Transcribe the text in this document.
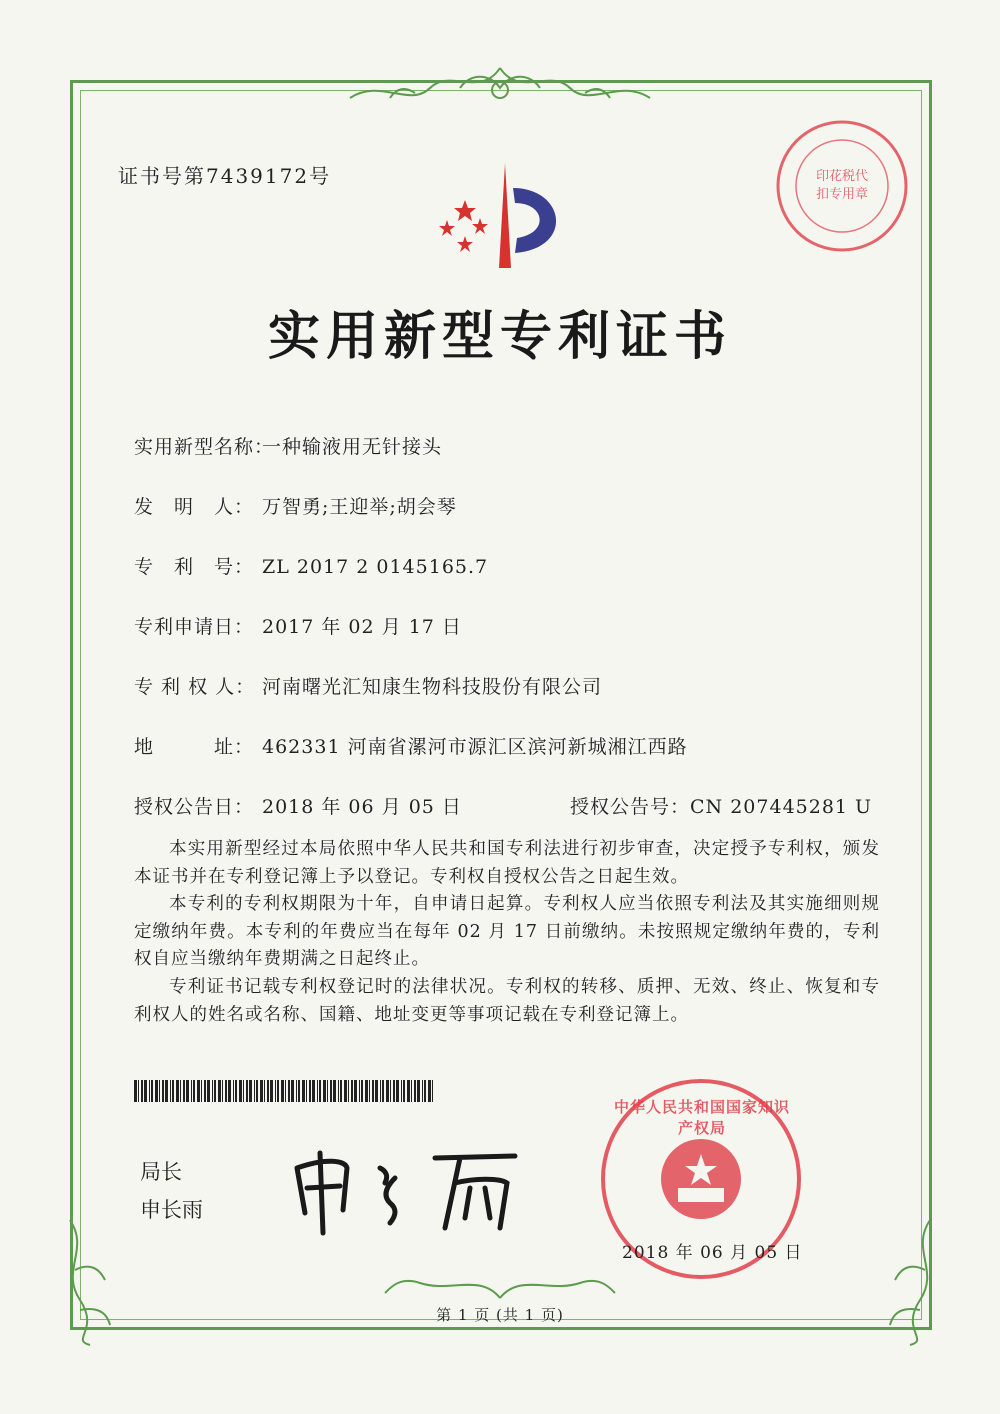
证书号第7439172号	印花税代扣专用章
实用新型专利证书
实用新型名称：一种输液用无针接头
发　明　人： 万智勇;王迎举;胡会琴
专　利　号： ZL 2017 2 0145165.7
专利申请日： 2017 年 02 月 17 日
专 利 权 人： 河南曙光汇知康生物科技股份有限公司
地　　　址： 462331 河南省漯河市源汇区滨河新城湘江西路
授权公告日： 2018 年 06 月 05 日	授权公告号：CN 207445281 U
本实用新型经过本局依照中华人民共和国专利法进行初步审查，决定授予专利权，颁发本证书并在专利登记簿上予以登记。专利权自授权公告之日起生效。
本专利的专利权期限为十年，自申请日起算。专利权人应当依照专利法及其实施细则规定缴纳年费。本专利的年费应当在每年 02 月 17 日前缴纳。未按照规定缴纳年费的，专利权自应当缴纳年费期满之日起终止。
专利证书记载专利权登记时的法律状况。专利权的转移、质押、无效、终止、恢复和专利权人的姓名或名称、国籍、地址变更等事项记载在专利登记簿上。
局长
申长雨
中华人民共和国国家知识产权局
2018 年 06 月 05 日
第 1 页 (共 1 页)
